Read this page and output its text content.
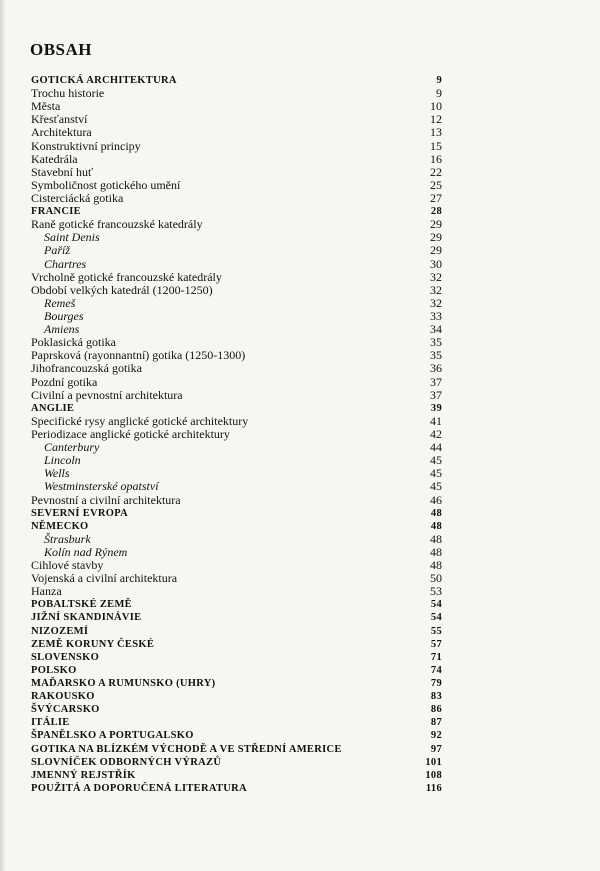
OBSAH
GOTICKÁ ARCHITEKTURA	9
Trochu historie	9
Města	10
Křesťanství	12
Architektura	13
Konstruktivní principy	15
Katedrála	16
Stavební huť	22
Symboličnost gotického umění	25
Cisterciácká gotika	27
FRANCIE	28
Raně gotické francouzské katedrály	29
Saint Denis	29
Paříž	29
Chartres	30
Vrcholně gotické francouzské katedrály	32
Období velkých katedrál (1200-1250)	32
Remeš	32
Bourges	33
Amiens	34
Poklasická gotika	35
Paprsková (rayonnantní) gotika (1250-1300)	35
Jihofrancouzská gotika	36
Pozdní gotika	37
Civilní a pevnostní architektura	37
ANGLIE	39
Specifické rysy anglické gotické architektury	41
Periodizace anglické gotické architektury	42
Canterbury	44
Lincoln	45
Wells	45
Westminsterské opatství	45
Pevnostní a civilní architektura	46
SEVERNÍ EVROPA	48
NĚMECKO	48
Štrasburk	48
Kolín nad Rýnem	48
Cihlové stavby	48
Vojenská a civilní architektura	50
Hanza	53
POBALTSKÉ ZEMĚ	54
JIŽNÍ SKANDINÁVIE	54
NIZOZEMÍ	55
ZEMĚ KORUNY ČESKÉ	57
SLOVENSKO	71
POLSKO	74
MAĎARSKO A RUMUNSKO (UHRY)	79
RAKOUSKO	83
ŠVÝCARSKO	86
ITÁLIE	87
ŠPANĚLSKO A PORTUGALSKO	92
GOTIKA NA BLÍZKÉM VÝCHODĚ A VE STŘEDNÍ AMERICE	97
SLOVNÍČEK ODBORNÝCH VÝRAZŮ	101
JMENNÝ REJSTŘÍK	108
POUŽITÁ A DOPORUČENÁ LITERATURA	116
